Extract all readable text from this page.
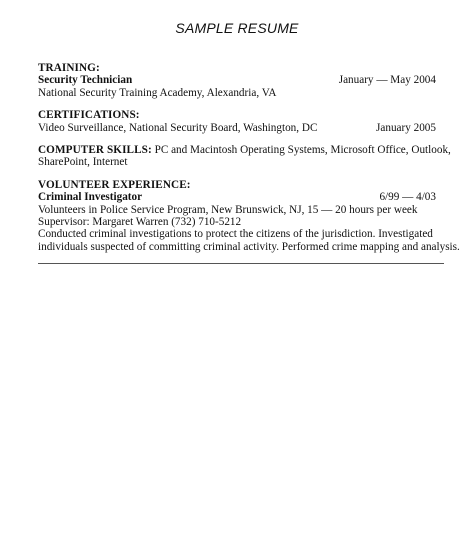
SAMPLE RESUME
TRAINING:
Security Technician	January — May 2004
National Security Training Academy, Alexandria, VA
CERTIFICATIONS:
Video Surveillance, National Security Board, Washington, DC	January 2005
COMPUTER SKILLS: PC and Macintosh Operating Systems, Microsoft Office, Outlook,
SharePoint, Internet
VOLUNTEER EXPERIENCE:
Criminal Investigator	6/99 — 4/03
Volunteers in Police Service Program, New Brunswick, NJ, 15 — 20 hours per week
Supervisor: Margaret Warren (732) 710-5212
Conducted criminal investigations to protect the citizens of the jurisdiction. Investigated
individuals suspected of committing criminal activity. Performed crime mapping and analysis.
